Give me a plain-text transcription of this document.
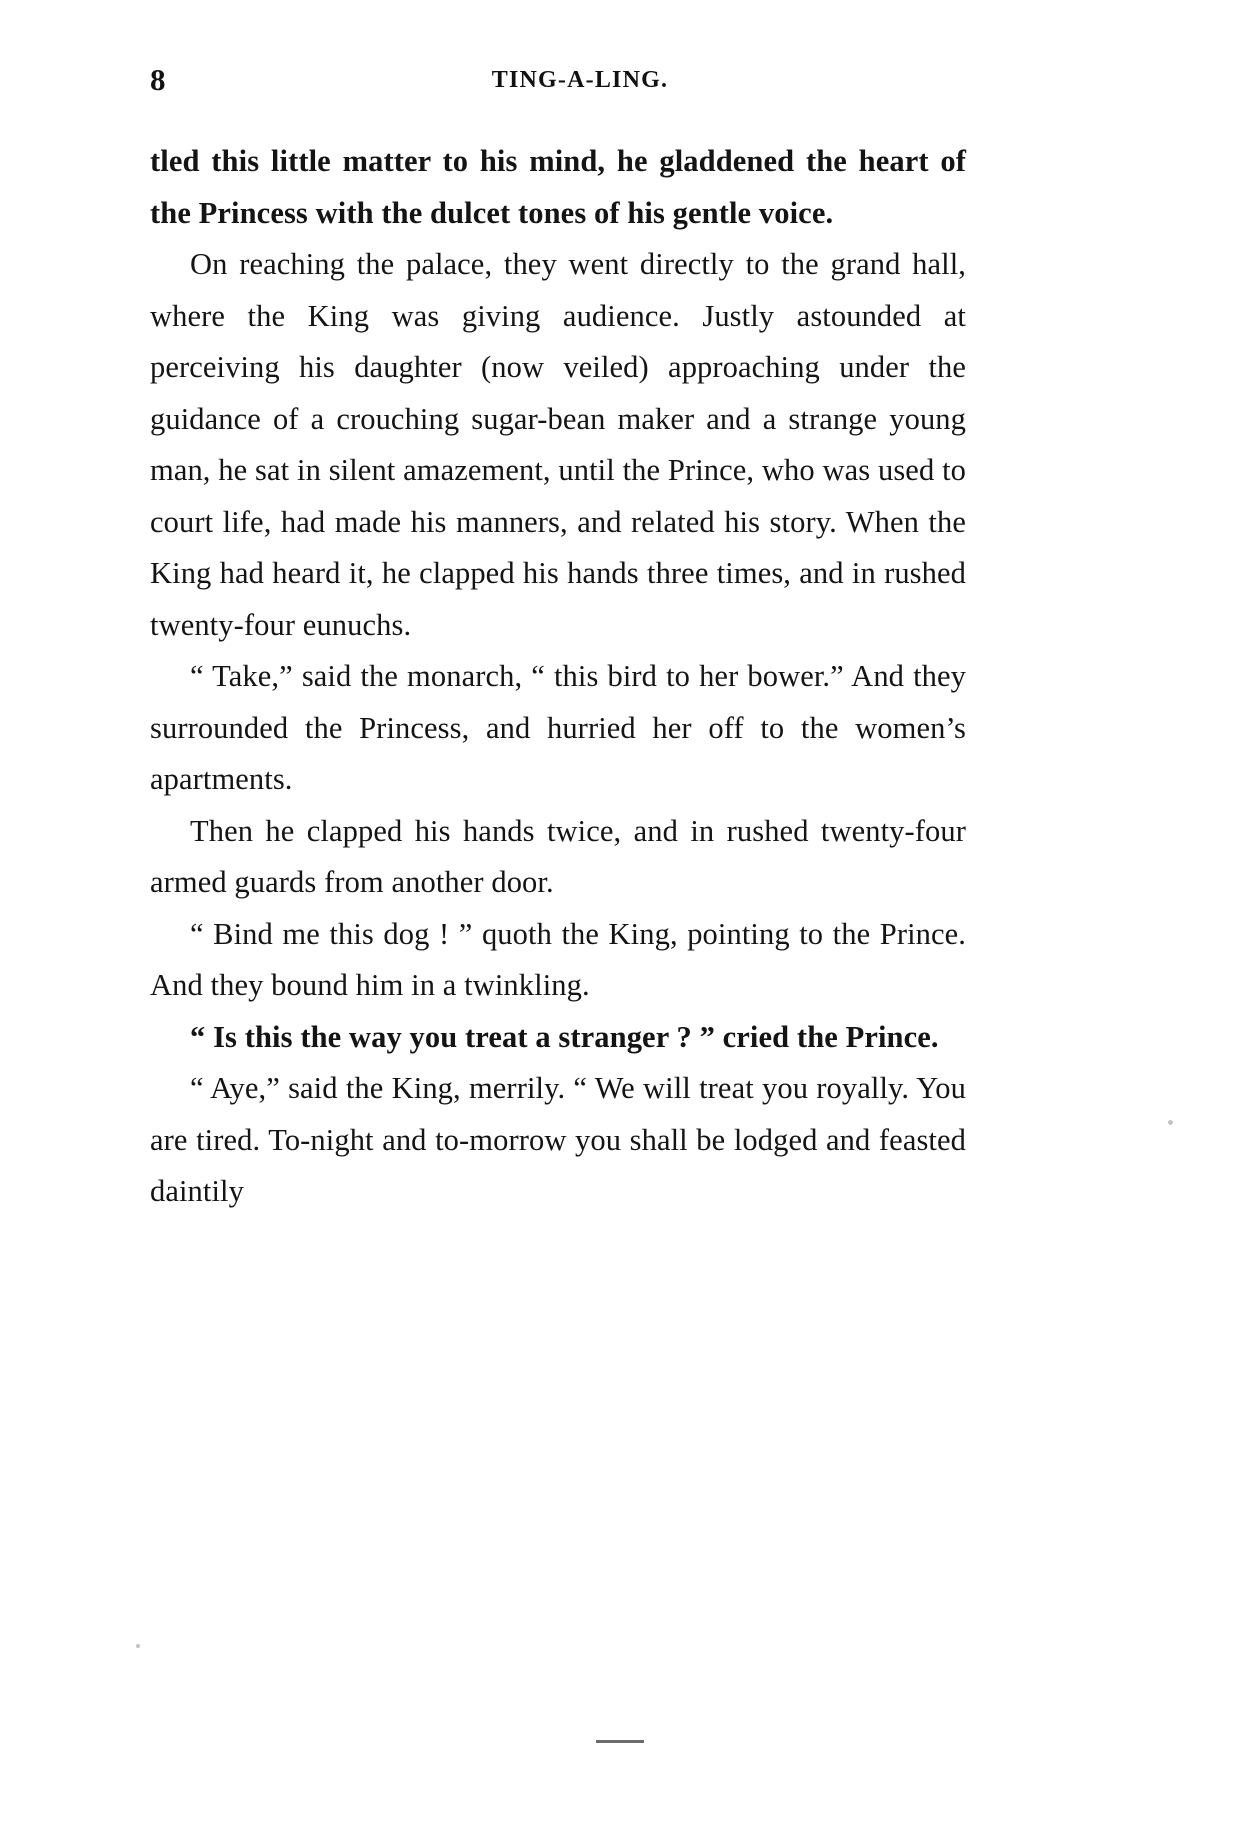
8	TING-A-LING.

tled this little matter to his mind, he gladdened the heart of the Princess with the dulcet tones of his gentle voice.

On reaching the palace, they went directly to the grand hall, where the King was giving audience. Justly astounded at perceiving his daughter (now veiled) approaching under the guidance of a crouching sugar-bean maker and a strange young man, he sat in silent amazement, until the Prince, who was used to court life, had made his manners, and related his story. When the King had heard it, he clapped his hands three times, and in rushed twenty-four eunuchs.

“ Take,” said the monarch, “ this bird to her bower.” And they surrounded the Princess, and hurried her off to the women’s apartments.

Then he clapped his hands twice, and in rushed twenty-four armed guards from another door.

“ Bind me this dog ! ” quoth the King, pointing to the Prince. And they bound him in a twinkling.

“ Is this the way you treat a stranger ? ” cried the Prince.

“ Aye,” said the King, merrily. “ We will treat you royally. You are tired. To-night and to-morrow you shall be lodged and feasted daintily
